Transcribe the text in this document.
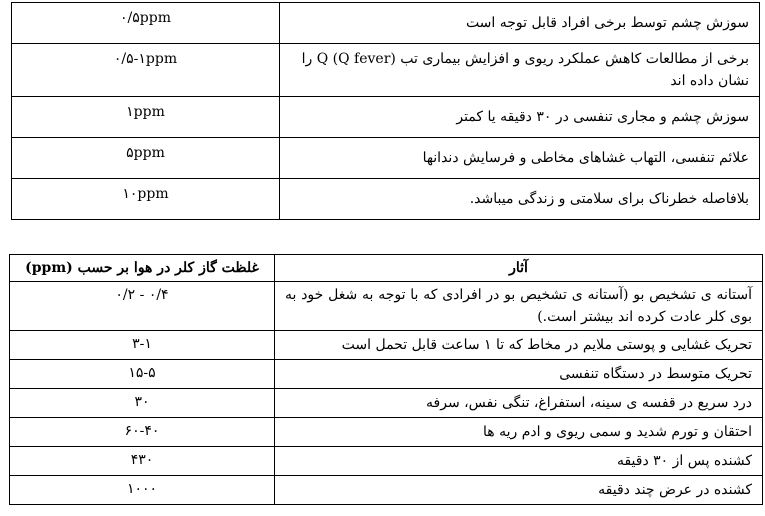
۰/۵ppm	سوزش چشم توسط برخی افراد قابل توجه است
۰/۵-۱ppm	برخی از مطالعات کاهش عملکرد ریوی و افزایش بیماری تب Q (Q fever) را نشان داده اند
۱ppm	سوزش چشم و مجاری تنفسی در ۳۰ دقیقه یا کمتر
۵ppm	علائم تنفسی، التهاب غشاهای مخاطی و فرسایش دندانها
۱۰ppm	بلافاصله خطرناک برای سلامتی و زندگی میباشد.
غلظت گاز کلر در هوا بر حسب (ppm)	آثار
۰/۴ - ۰/۲	آستانه ی تشخیص بو (آستانه ی تشخیص بو در افرادی که با توجه به شغل خود به بوی کلر عادت کرده اند بیشتر است.)
۳-۱	تحریک غشایی و پوستی ملایم در مخاط که تا ۱ ساعت قابل تحمل است
۱۵-۵	تحریک متوسط در دستگاه تنفسی
۳۰	درد سریع در قفسه ی سینه، استفراغ، تنگی نفس، سرفه
۶۰-۴۰	احتقان و تورم شدید و سمی ریوی و ادم ریه ها
۴۳۰	کشنده پس از ۳۰ دقیقه
۱۰۰۰	کشنده در عرض چند دقیقه
